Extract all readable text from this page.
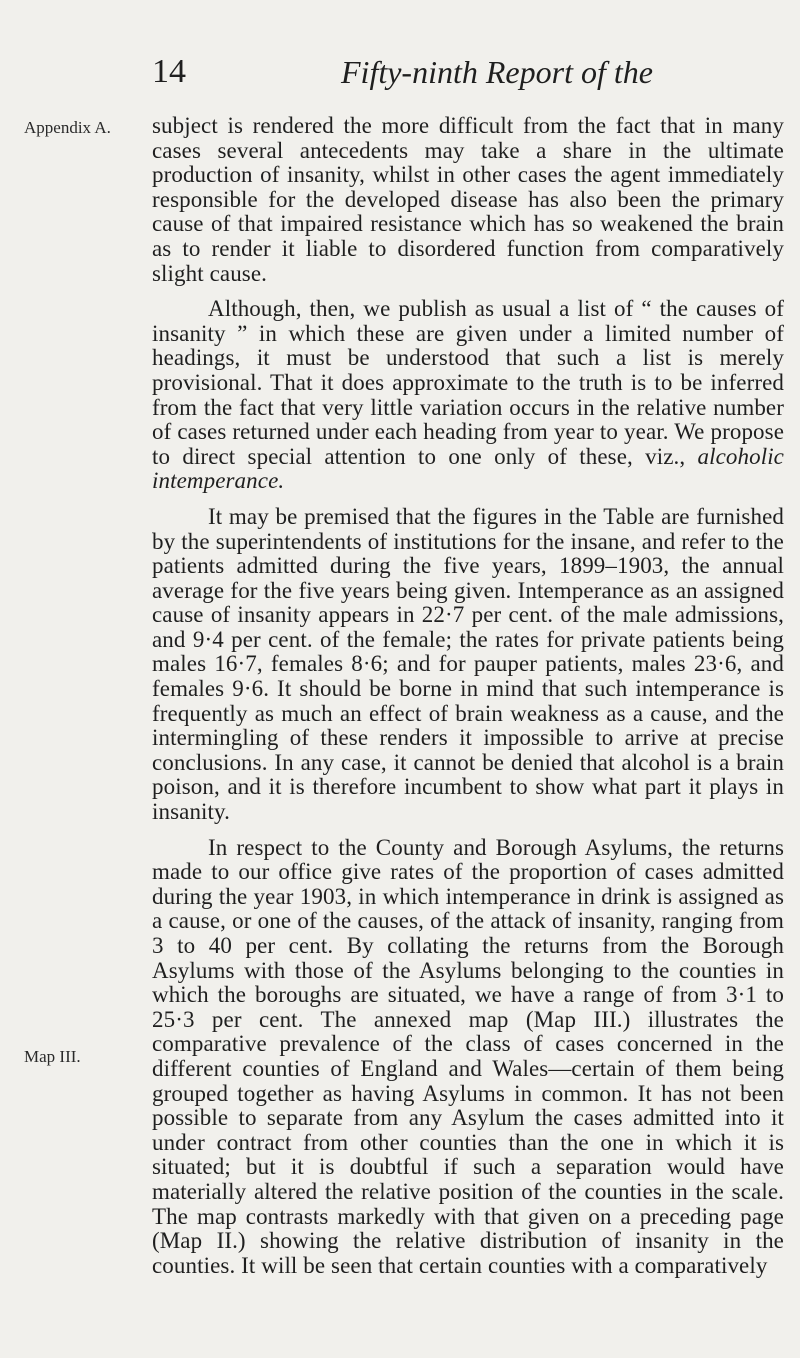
14	Fifty-ninth Report of the
Appendix A.
Map III.

subject is rendered the more difficult from the fact that in many cases several antecedents may take a share in the ultimate production of insanity, whilst in other cases the agent immediately responsible for the developed disease has also been the primary cause of that impaired resistance which has so weakened the brain as to render it liable to disordered function from comparatively slight cause.

Although, then, we publish as usual a list of “ the causes of insanity ” in which these are given under a limited number of headings, it must be understood that such a list is merely provisional. That it does approximate to the truth is to be inferred from the fact that very little variation occurs in the relative number of cases returned under each heading from year to year. We propose to direct special attention to one only of these, viz., alcoholic intemperance.

It may be premised that the figures in the Table are furnished by the superintendents of institutions for the insane, and refer to the patients admitted during the five years, 1899–1903, the annual average for the five years being given. Intemperance as an assigned cause of insanity appears in 22·7 per cent. of the male admissions, and 9·4 per cent. of the female; the rates for private patients being males 16·7, females 8·6; and for pauper patients, males 23·6, and females 9·6. It should be borne in mind that such intemperance is frequently as much an effect of brain weakness as a cause, and the intermingling of these renders it impossible to arrive at precise conclusions. In any case, it cannot be denied that alcohol is a brain poison, and it is therefore incumbent to show what part it plays in insanity.

In respect to the County and Borough Asylums, the returns made to our office give rates of the proportion of cases admitted during the year 1903, in which intemperance in drink is assigned as a cause, or one of the causes, of the attack of insanity, ranging from 3 to 40 per cent. By collating the returns from the Borough Asylums with those of the Asylums belonging to the counties in which the boroughs are situated, we have a range of from 3·1 to 25·3 per cent. The annexed map (Map III.) illustrates the comparative prevalence of the class of cases concerned in the different counties of England and Wales—certain of them being grouped together as having Asylums in common. It has not been possible to separate from any Asylum the cases admitted into it under contract from other counties than the one in which it is situated; but it is doubtful if such a separation would have materially altered the relative position of the counties in the scale. The map contrasts markedly with that given on a preceding page (Map II.) showing the relative distribution of insanity in the counties. It will be seen that certain counties with a comparatively
